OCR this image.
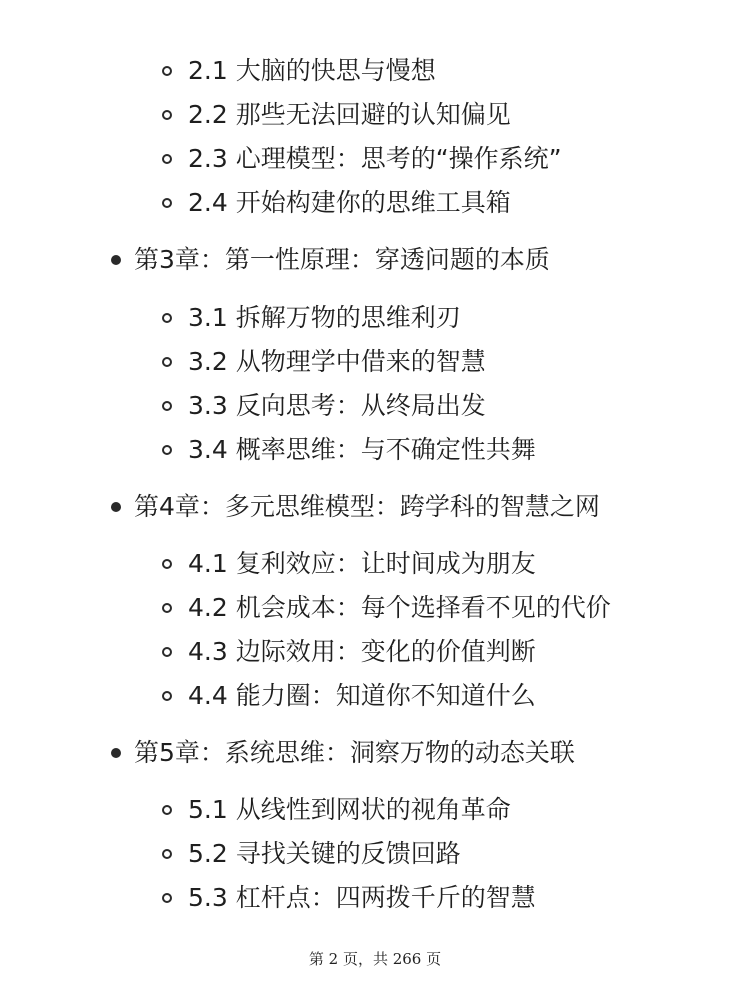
2.1 大脑的快思与慢想
2.2 那些无法回避的认知偏见
2.3 心理模型：思考的“操作系统”
2.4 开始构建你的思维工具箱
第3章：第一性原理：穿透问题的本质
3.1 拆解万物的思维利刃
3.2 从物理学中借来的智慧
3.3 反向思考：从终局出发
3.4 概率思维：与不确定性共舞
第4章：多元思维模型：跨学科的智慧之网
4.1 复利效应：让时间成为朋友
4.2 机会成本：每个选择看不见的代价
4.3 边际效用：变化的价值判断
4.4 能力圈：知道你不知道什么
第5章：系统思维：洞察万物的动态关联
5.1 从线性到网状的视角革命
5.2 寻找关键的反馈回路
5.3 杠杆点：四两拨千斤的智慧
第 2 页，共 266 页
